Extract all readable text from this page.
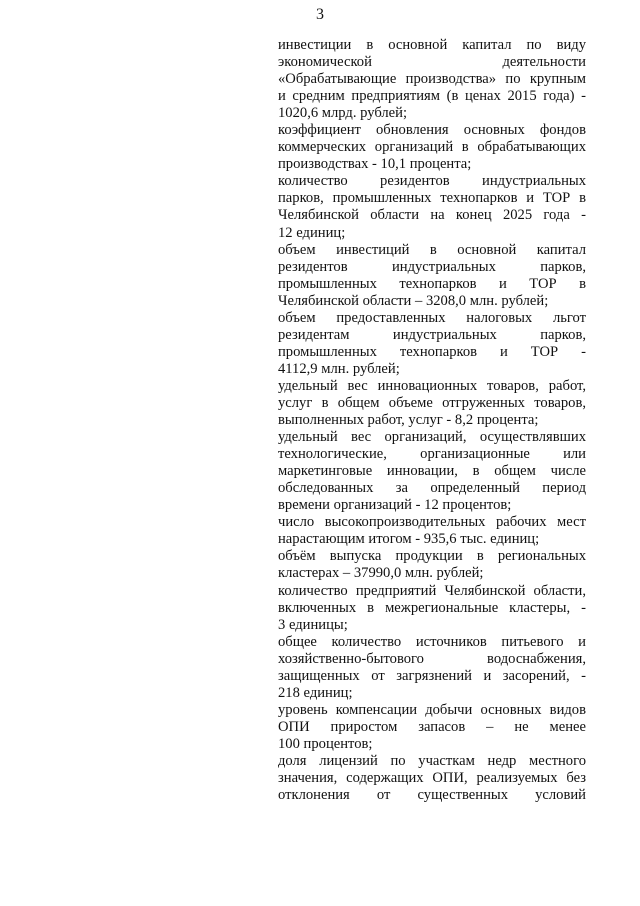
3
инвестиции в основной капитал по виду
экономической деятельности
«Обрабатывающие производства» по крупным
и средним предприятиям (в ценах 2015 года) -
1020,6 млрд. рублей;
коэффициент обновления основных фондов
коммерческих организаций в обрабатывающих
производствах - 10,1 процента;
количество резидентов индустриальных
парков, промышленных технопарков и ТОР в
Челябинской области на конец 2025 года -
12 единиц;
объем инвестиций в основной капитал
резидентов индустриальных парков,
промышленных технопарков и ТОР в
Челябинской области – 3208,0 млн. рублей;
объем предоставленных налоговых льгот
резидентам индустриальных парков,
промышленных технопарков и ТОР -
4112,9 млн. рублей;
удельный вес инновационных товаров, работ,
услуг в общем объеме отгруженных товаров,
выполненных работ, услуг - 8,2 процента;
удельный вес организаций, осуществлявших
технологические, организационные или
маркетинговые инновации, в общем числе
обследованных за определенный период
времени организаций - 12 процентов;
число высокопроизводительных рабочих мест
нарастающим итогом - 935,6 тыс. единиц;
объём выпуска продукции в региональных
кластерах – 37990,0 млн. рублей;
количество предприятий Челябинской области,
включенных в межрегиональные кластеры, -
3 единицы;
общее количество источников питьевого и
хозяйственно-бытового водоснабжения,
защищенных от загрязнений и засорений, -
218 единиц;
уровень компенсации добычи основных видов
ОПИ приростом запасов – не менее
100 процентов;
доля лицензий по участкам недр местного
значения, содержащих ОПИ, реализуемых без
отклонения от существенных условий
